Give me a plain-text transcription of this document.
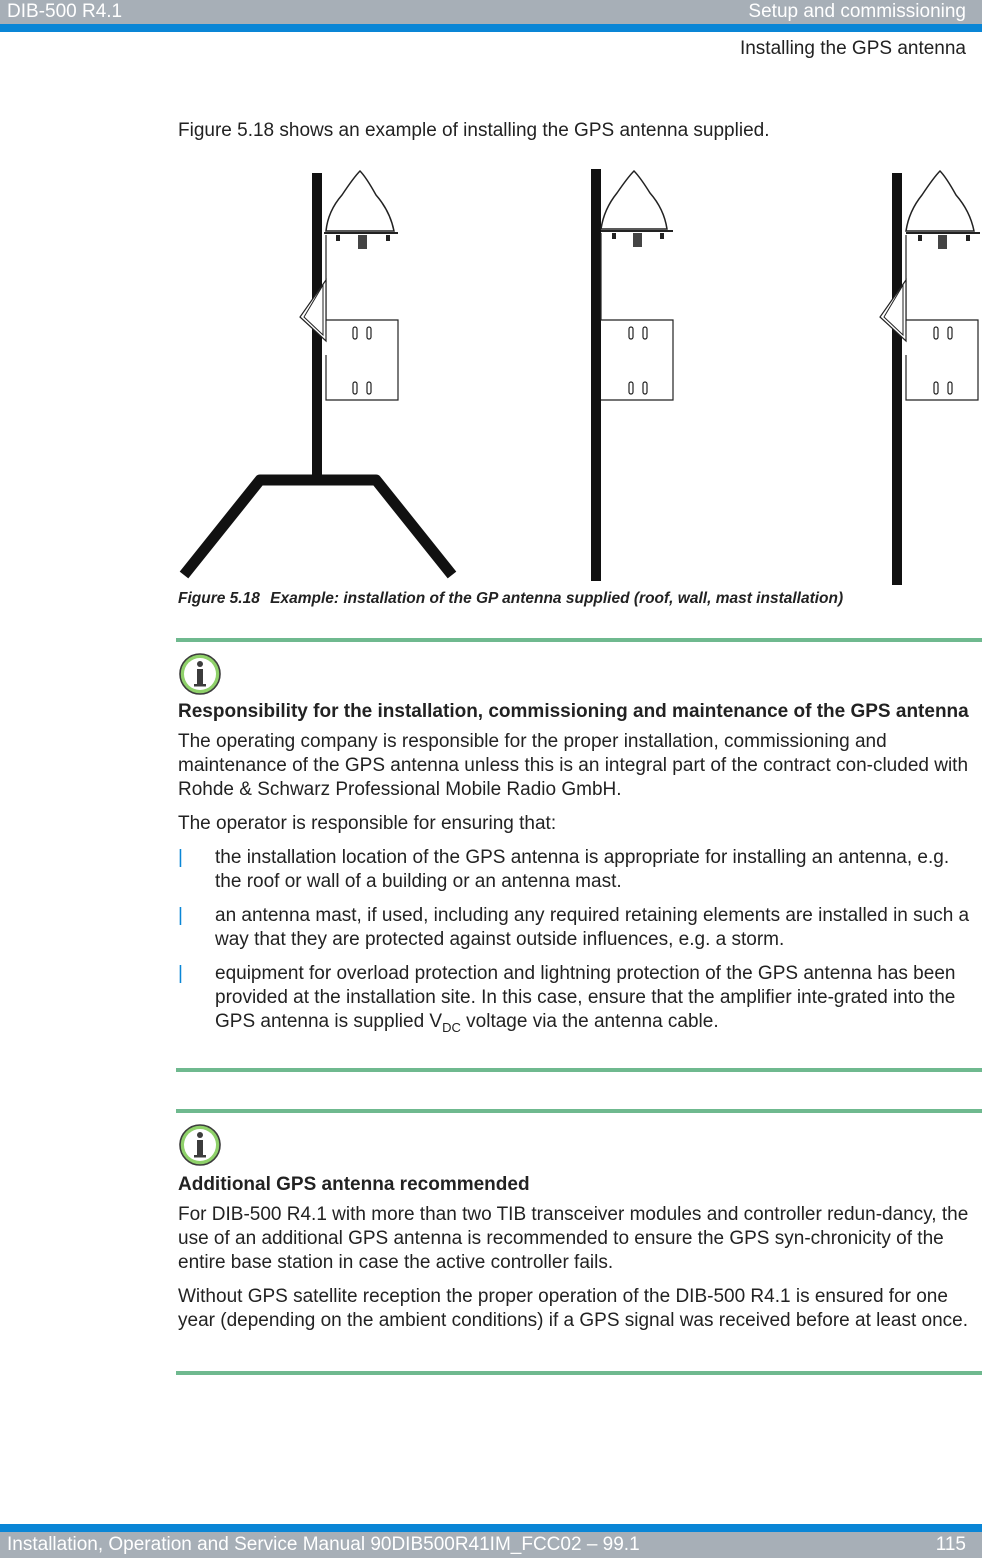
DIB-500 R4.1	Setup and commissioning
Installing the GPS antenna
Figure 5.18 shows an example of installing the GPS antenna supplied.
Figure 5.18 Example: installation of the GP antenna supplied (roof, wall, mast installation)

Responsibility for the installation, commissioning and maintenance of the GPS antenna

The operating company is responsible for the proper installation, commissioning and maintenance of the GPS antenna unless this is an integral part of the contract con-cluded with Rohde & Schwarz Professional Mobile Radio GmbH.

The operator is responsible for ensuring that:

| the installation location of the GPS antenna is appropriate for installing an antenna, e.g. the roof or wall of a building or an antenna mast.
| an antenna mast, if used, including any required retaining elements are installed in such a way that they are protected against outside influences, e.g. a storm.
| equipment for overload protection and lightning protection of the GPS antenna has been provided at the installation site. In this case, ensure that the amplifier inte-grated into the GPS antenna is supplied $V_{DC}$ voltage via the antenna cable.

Additional GPS antenna recommended

For DIB-500 R4.1 with more than two TIB transceiver modules and controller redun-dancy, the use of an additional GPS antenna is recommended to ensure the GPS syn-chronicity of the entire base station in case the active controller fails.

Without GPS satellite reception the proper operation of the DIB-500 R4.1 is ensured for one year (depending on the ambient conditions) if a GPS signal was received before at least once.

Installation, Operation and Service Manual 90DIB500R41IM_FCC02 – 99.1	115
